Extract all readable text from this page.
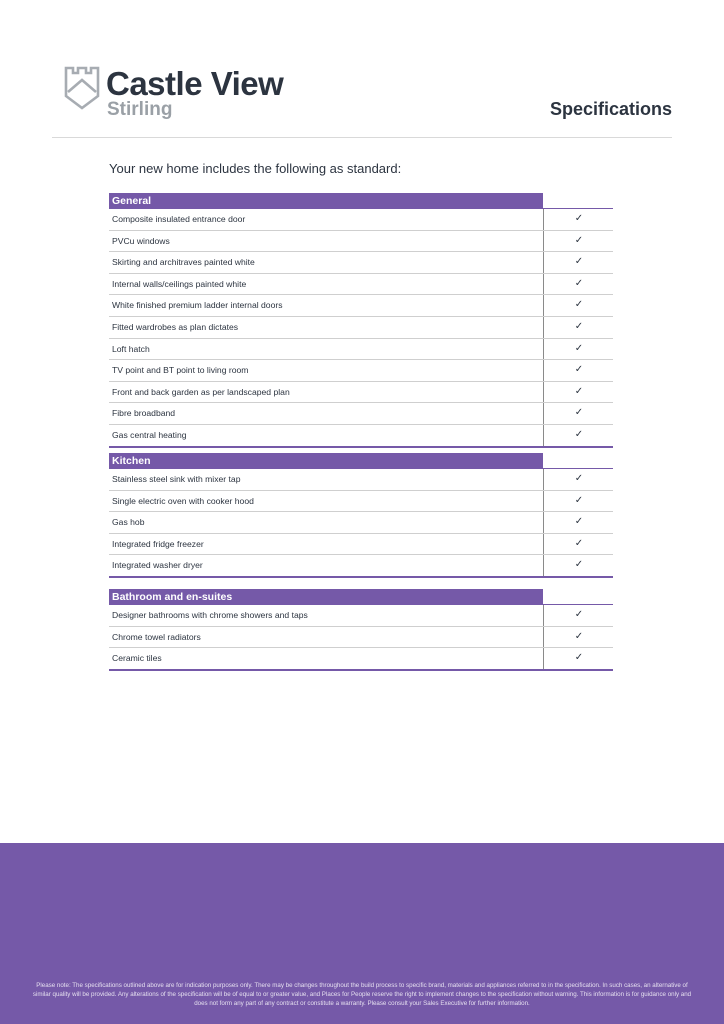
Castle View
Stirling	Specifications
Your new home includes the following as standard:
General
Composite insulated entrance door	✓
PVCu windows	✓
Skirting and architraves painted white	✓
Internal walls/ceilings painted white	✓
White finished premium ladder internal doors	✓
Fitted wardrobes as plan dictates	✓
Loft hatch	✓
TV point and BT point to living room	✓
Front and back garden as per landscaped plan	✓
Fibre broadband	✓
Gas central heating	✓
Kitchen
Stainless steel sink with mixer tap	✓
Single electric oven with cooker hood	✓
Gas hob	✓
Integrated fridge freezer	✓
Integrated washer dryer	✓
Bathroom and en-suites
Designer bathrooms with chrome showers and taps	✓
Chrome towel radiators	✓
Ceramic tiles	✓
Please note: The specifications outlined above are for indication purposes only. There may be changes throughout the build process to specific brand, materials and appliances referred to in the specification. In such cases, an alternative of similar quality will be provided. Any alterations of the specification will be of equal to or greater value, and Places for People reserve the right to implement changes to the specification without warning. This information is for guidance only and does not form any part of any contract or constitute a warranty. Please consult your Sales Executive for further information.
